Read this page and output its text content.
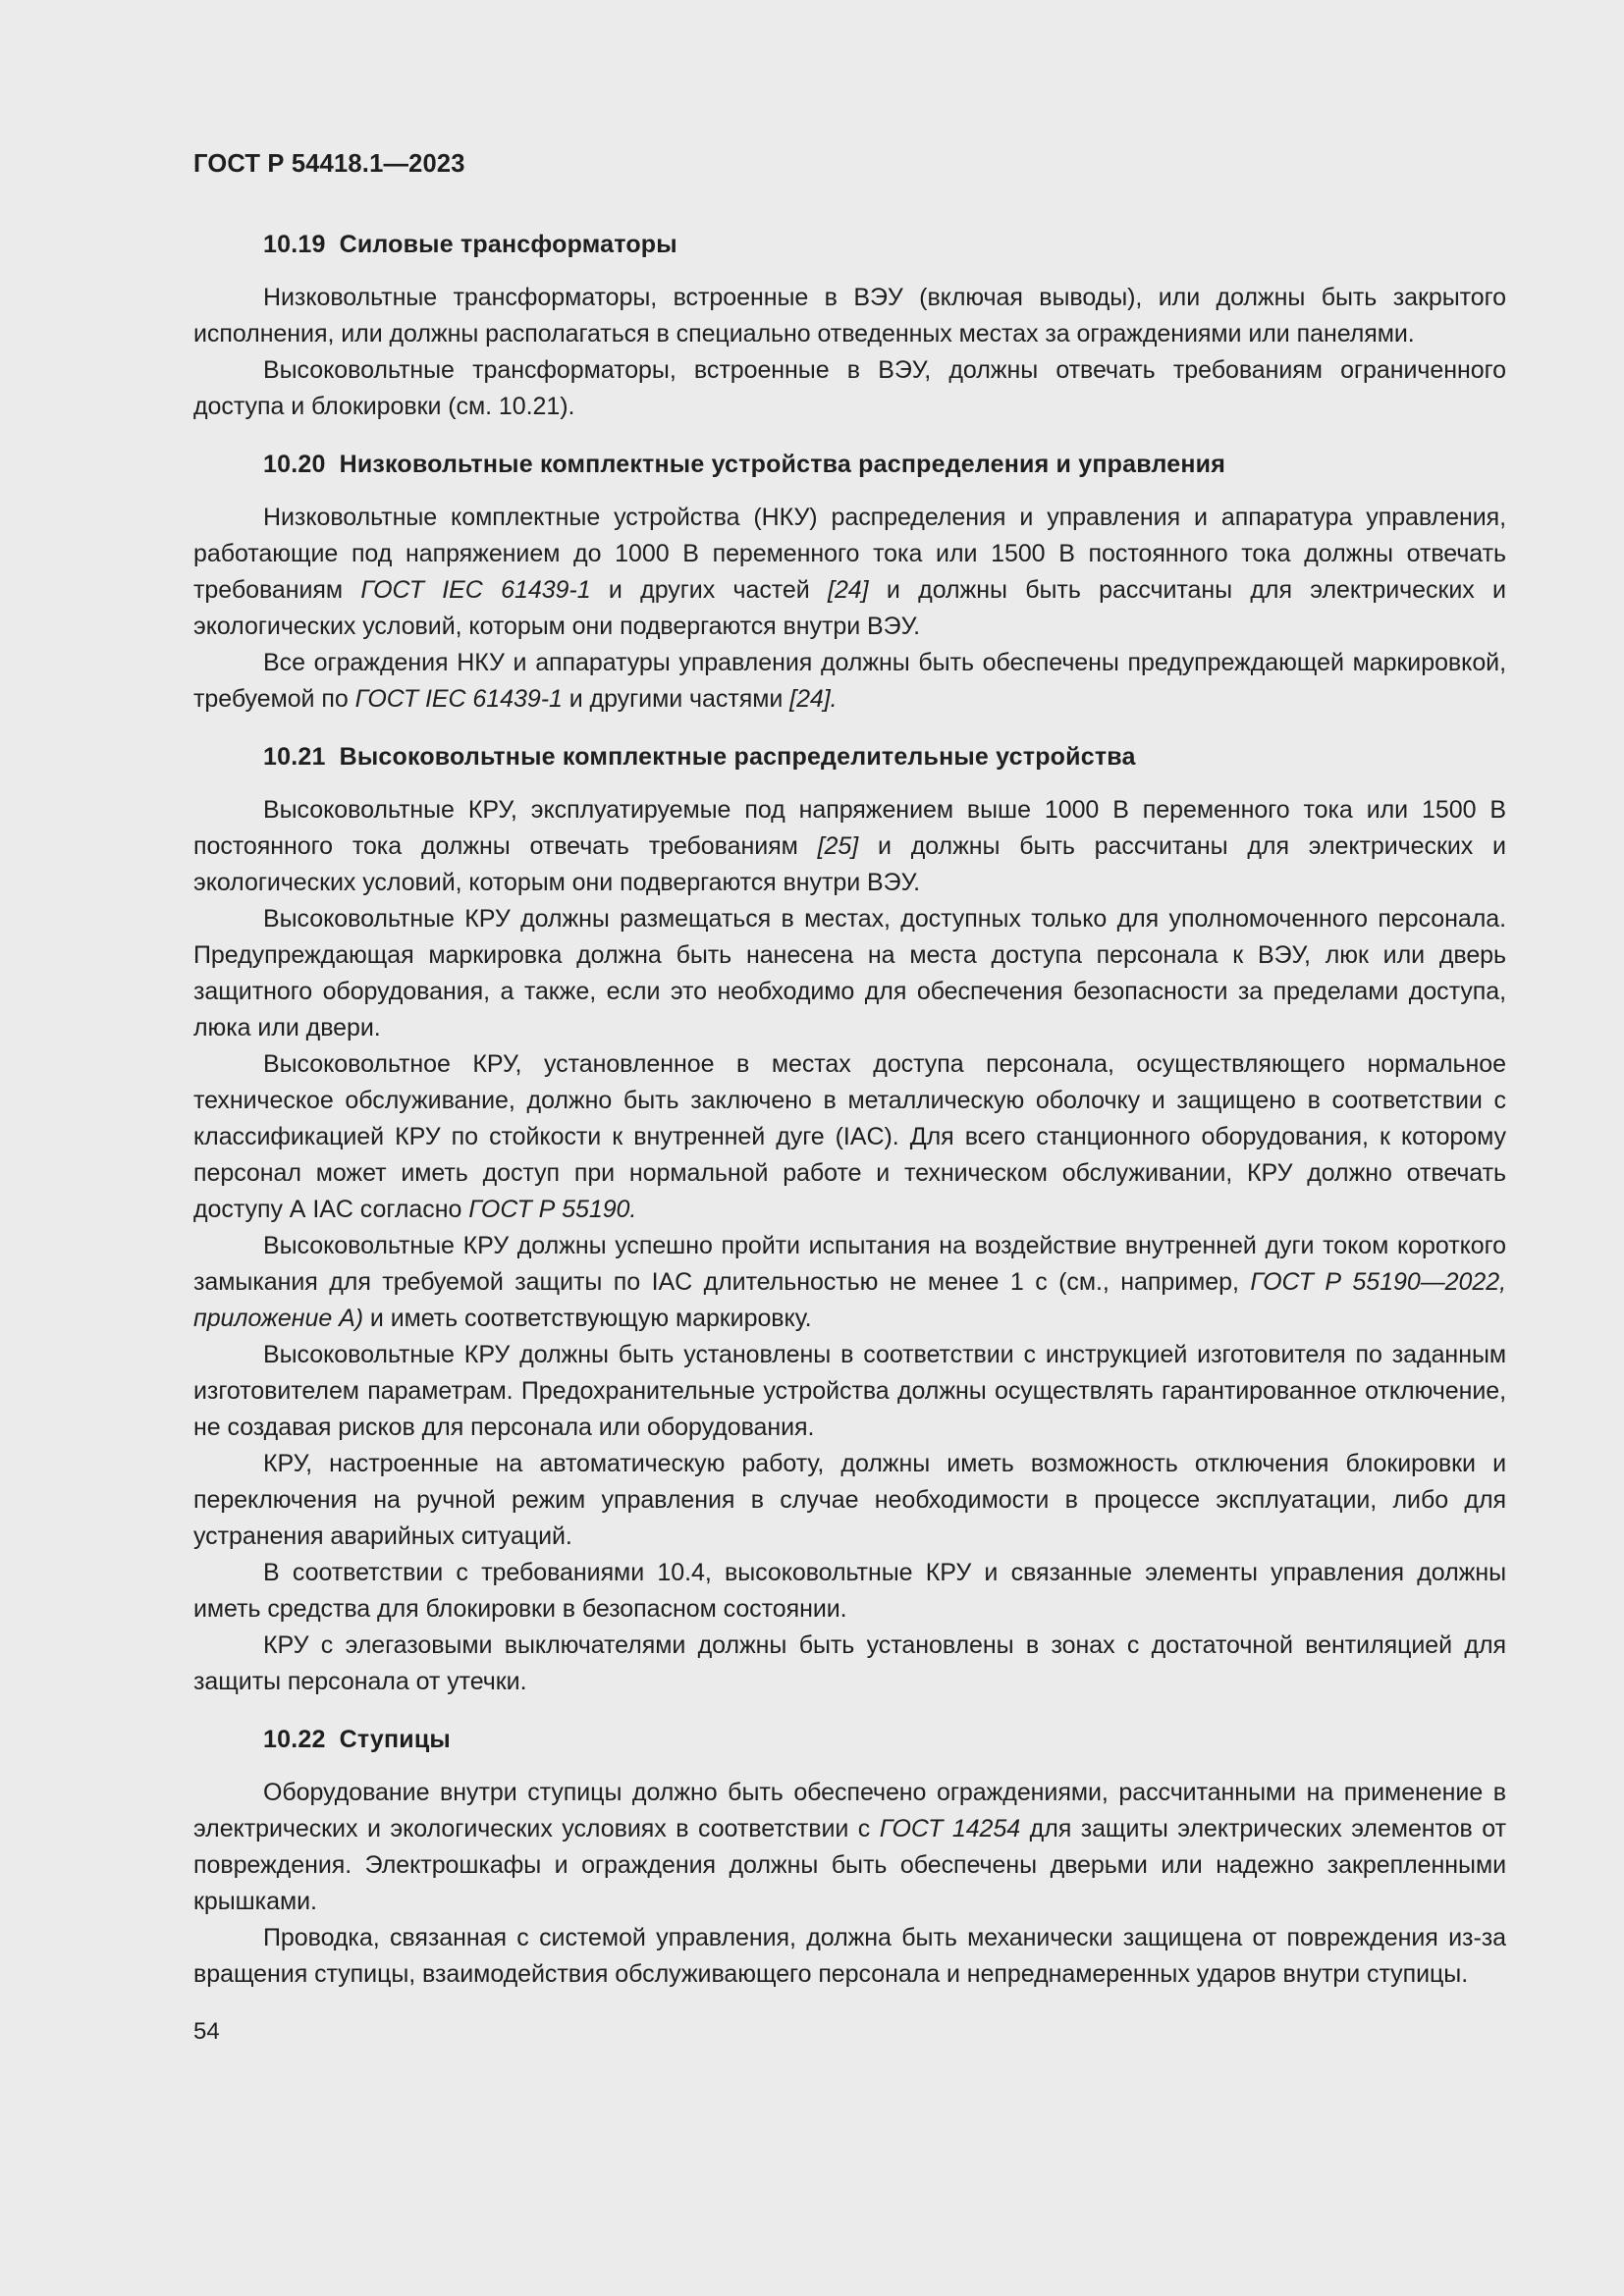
ГОСТ Р 54418.1—2023
10.19 Силовые трансформаторы

Низковольтные трансформаторы, встроенные в ВЭУ (включая выводы), или должны быть закрытого исполнения, или должны располагаться в специально отведенных местах за ограждениями или панелями.

Высоковольтные трансформаторы, встроенные в ВЭУ, должны отвечать требованиям ограниченного доступа и блокировки (см. 10.21).

10.20 Низковольтные комплектные устройства распределения и управления

Низковольтные комплектные устройства (НКУ) распределения и управления и аппаратура управления, работающие под напряжением до 1000 В переменного тока или 1500 В постоянного тока должны отвечать требованиям ГОСТ IEC 61439-1 и других частей [24] и должны быть рассчитаны для электрических и экологических условий, которым они подвергаются внутри ВЭУ.

Все ограждения НКУ и аппаратуры управления должны быть обеспечены предупреждающей маркировкой, требуемой по ГОСТ IEC 61439-1 и другими частями [24].

10.21 Высоковольтные комплектные распределительные устройства

Высоковольтные КРУ, эксплуатируемые под напряжением выше 1000 В переменного тока или 1500 В постоянного тока должны отвечать требованиям [25] и должны быть рассчитаны для электрических и экологических условий, которым они подвергаются внутри ВЭУ.

Высоковольтные КРУ должны размещаться в местах, доступных только для уполномоченного персонала. Предупреждающая маркировка должна быть нанесена на места доступа персонала к ВЭУ, люк или дверь защитного оборудования, а также, если это необходимо для обеспечения безопасности за пределами доступа, люка или двери.

Высоковольтное КРУ, установленное в местах доступа персонала, осуществляющего нормальное техническое обслуживание, должно быть заключено в металлическую оболочку и защищено в соответствии с классификацией КРУ по стойкости к внутренней дуге (IAC). Для всего станционного оборудования, к которому персонал может иметь доступ при нормальной работе и техническом обслуживании, КРУ должно отвечать доступу А IAC согласно ГОСТ Р 55190.

Высоковольтные КРУ должны успешно пройти испытания на воздействие внутренней дуги током короткого замыкания для требуемой защиты по IAC длительностью не менее 1 с (см., например, ГОСТ Р 55190—2022, приложение А) и иметь соответствующую маркировку.

Высоковольтные КРУ должны быть установлены в соответствии с инструкцией изготовителя по заданным изготовителем параметрам. Предохранительные устройства должны осуществлять гарантированное отключение, не создавая рисков для персонала или оборудования.

КРУ, настроенные на автоматическую работу, должны иметь возможность отключения блокировки и переключения на ручной режим управления в случае необходимости в процессе эксплуатации, либо для устранения аварийных ситуаций.

В соответствии с требованиями 10.4, высоковольтные КРУ и связанные элементы управления должны иметь средства для блокировки в безопасном состоянии.

КРУ с элегазовыми выключателями должны быть установлены в зонах с достаточной вентиляцией для защиты персонала от утечки.

10.22 Ступицы

Оборудование внутри ступицы должно быть обеспечено ограждениями, рассчитанными на применение в электрических и экологических условиях в соответствии с ГОСТ 14254 для защиты электрических элементов от повреждения. Электрошкафы и ограждения должны быть обеспечены дверьми или надежно закрепленными крышками.

Проводка, связанная с системой управления, должна быть механически защищена от повреждения из-за вращения ступицы, взаимодействия обслуживающего персонала и непреднамеренных ударов внутри ступицы.

54
